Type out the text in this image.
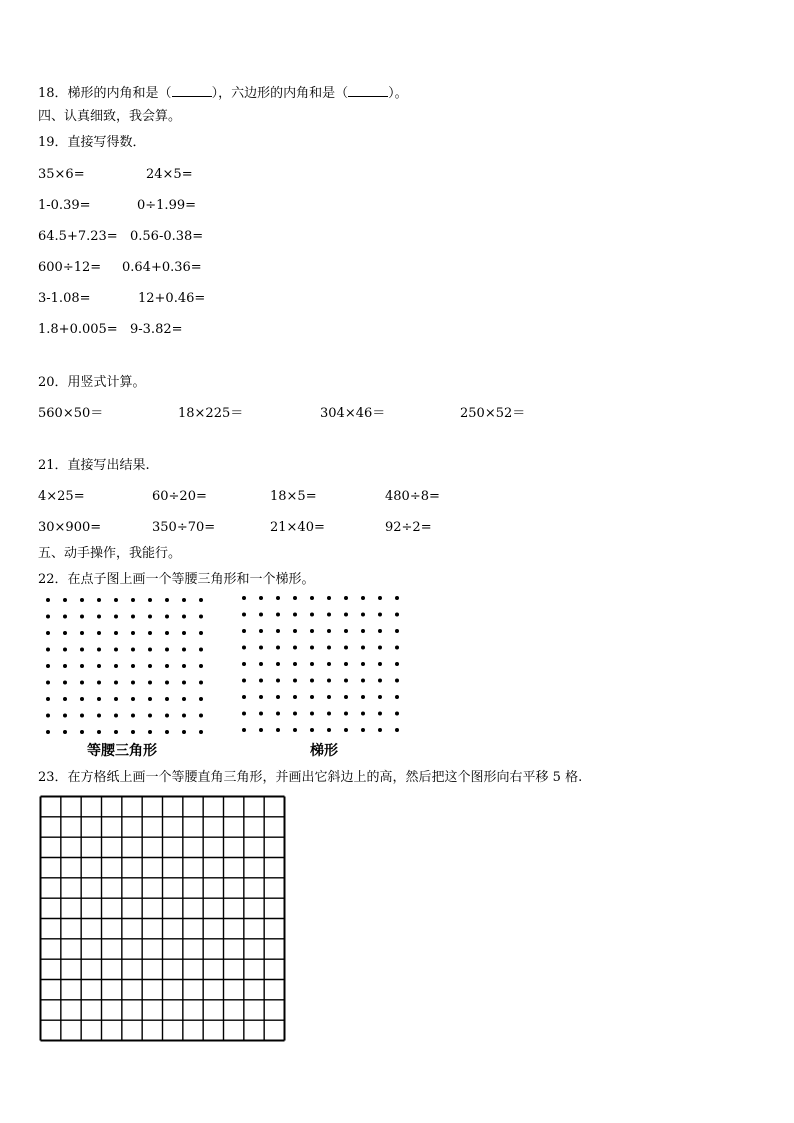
18．梯形的内角和是（	），六边形的内角和是（	）。
四、认真细致，我会算。
19．直接写得数．
35×6=	24×5=
1-0.39=	0÷1.99=
64.5+7.23= 0.56-0.38=
600÷12= 0.64+0.36=
3-1.08=	12+0.46=
1.8+0.005= 9-3.82=
20．用竖式计算。
560×50＝	18×225＝	304×46＝	250×52＝
21．直接写出结果.
4×25=	60÷20=	18×5=	480÷8=
30×900=	350÷70=	21×40=	92÷2=
五、动手操作，我能行。
22．在点子图上画一个等腰三角形和一个梯形。
等腰三角形	梯形
23．在方格纸上画一个等腰直角三角形，并画出它斜边上的高，然后把这个图形向右平移 5 格.
